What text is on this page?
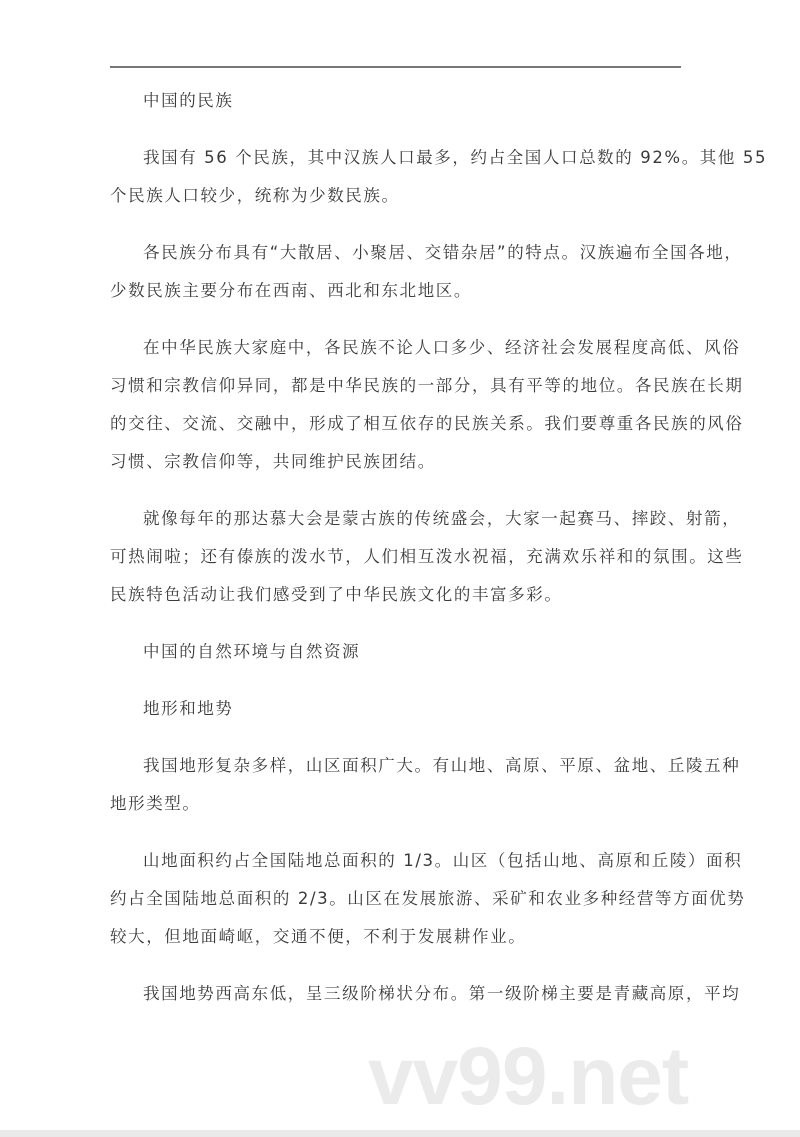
中国的民族
我国有 56 个民族，其中汉族人口最多，约占全国人口总数的 92%。其他 55
个民族人口较少，统称为少数民族。
各民族分布具有“大散居、小聚居、交错杂居”的特点。汉族遍布全国各地，
少数民族主要分布在西南、西北和东北地区。
在中华民族大家庭中，各民族不论人口多少、经济社会发展程度高低、风俗
习惯和宗教信仰异同，都是中华民族的一部分，具有平等的地位。各民族在长期
的交往、交流、交融中，形成了相互依存的民族关系。我们要尊重各民族的风俗
习惯、宗教信仰等，共同维护民族团结。
就像每年的那达慕大会是蒙古族的传统盛会，大家一起赛马、摔跤、射箭，
可热闹啦；还有傣族的泼水节，人们相互泼水祝福，充满欢乐祥和的氛围。这些
民族特色活动让我们感受到了中华民族文化的丰富多彩。
中国的自然环境与自然资源
地形和地势
我国地形复杂多样，山区面积广大。有山地、高原、平原、盆地、丘陵五种
地形类型。
山地面积约占全国陆地总面积的 1/3。山区（包括山地、高原和丘陵）面积
约占全国陆地总面积的 2/3。山区在发展旅游、采矿和农业多种经营等方面优势
较大，但地面崎岖，交通不便，不利于发展耕作业。
我国地势西高东低，呈三级阶梯状分布。第一级阶梯主要是青藏高原，平均
vv99.net
